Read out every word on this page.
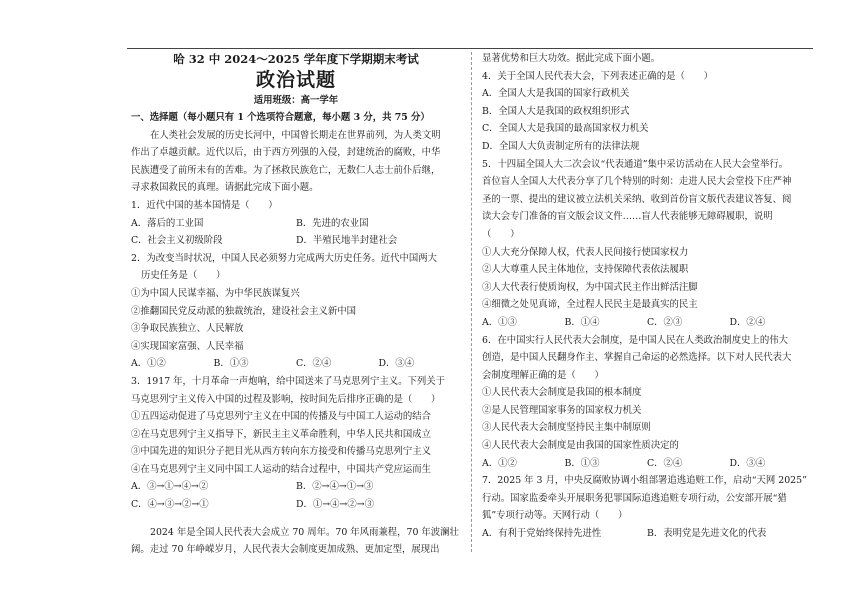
哈 32 中 2024～2025 学年度下学期期末考试
政治试题
适用班级：高一学年
一、选择题（每小题只有 1 个选项符合题意，每小题 3 分，共 75 分）
在人类社会发展的历史长河中，中国曾长期走在世界前列，为人类文明
作出了卓越贡献。近代以后，由于西方列强的入侵，封建统治的腐败，中华
民族遭受了前所未有的苦难。为了拯救民族危亡，无数仁人志士前仆后继，
寻求救国救民的真理。请据此完成下面小题。
1．近代中国的基本国情是（　　）
A．落后的工业国	B．先进的农业国
C．社会主义初级阶段	D．半殖民地半封建社会
2．为改变当时状况，中国人民必须努力完成两大历史任务。近代中国两大
历史任务是（　　）
①为中国人民谋幸福、为中华民族谋复兴
②推翻国民党反动派的独裁统治，建设社会主义新中国
③争取民族独立、人民解放
④实现国家富强、人民幸福
A．①②	B．①③	C．②④	D．③④
3．1917 年，十月革命一声炮响，给中国送来了马克思列宁主义。下列关于
马克思列宁主义传入中国的过程及影响，按时间先后排序正确的是（　　）
①五四运动促进了马克思列宁主义在中国的传播及与中国工人运动的结合
②在马克思列宁主义指导下，新民主主义革命胜利，中华人民共和国成立
③中国先进的知识分子把目光从西方转向东方接受和传播马克思列宁主义
④在马克思列宁主义同中国工人运动的结合过程中，中国共产党应运而生
A．③→①→④→②	B．②→④→①→③
C．④→③→②→①	D．①→④→②→③
2024 年是全国人民代表大会成立 70 周年。70 年风雨兼程，70 年波澜壮
阔。走过 70 年峥嵘岁月，人民代表大会制度更加成熟、更加定型，展现出
显著优势和巨大功效。据此完成下面小题。
4．关于全国人民代表大会，下列表述正确的是（　　）
A．全国人大是我国的国家行政机关
B．全国人大是我国的政权组织形式
C．全国人大是我国的最高国家权力机关
D．全国人大负责制定所有的法律法规
5．十四届全国人大二次会议“代表通道”集中采访活动在人民大会堂举行。
首位盲人全国人大代表分享了几个特别的时刻：走进人民大会堂投下庄严神
圣的一票、提出的建议被立法机关采纳、收到首份盲文版代表建议答复、阅
读大会专门准备的盲文版会议文件……盲人代表能够无障碍履职，说明
（　　）
①人大充分保障人权，代表人民间接行使国家权力
②人大尊重人民主体地位，支持保障代表依法履职
③人大代表行使质询权，为中国式民主作出鲜活注脚
④细微之处见真谛，全过程人民民主是最真实的民主
A．①③	B．①④	C．②③	D．②④
6．在中国实行人民代表大会制度，是中国人民在人类政治制度史上的伟大
创造，是中国人民翻身作主、掌握自己命运的必然选择。以下对人民代表大
会制度理解正确的是（　　）
①人民代表大会制度是我国的根本制度
②是人民管理国家事务的国家权力机关
③人民代表大会制度坚持民主集中制原则
④人民代表大会制度是由我国的国家性质决定的
A．①②	B．①③	C．②④	D．③④
7．2025 年 3 月，中央反腐败协调小组部署追逃追赃工作，启动“天网 2025”
行动。国家监委牵头开展职务犯罪国际追逃追赃专项行动，公安部开展“猎
狐”专项行动等。天网行动（　　）
A．有利于党始终保持先进性	B．表明党是先进文化的代表
